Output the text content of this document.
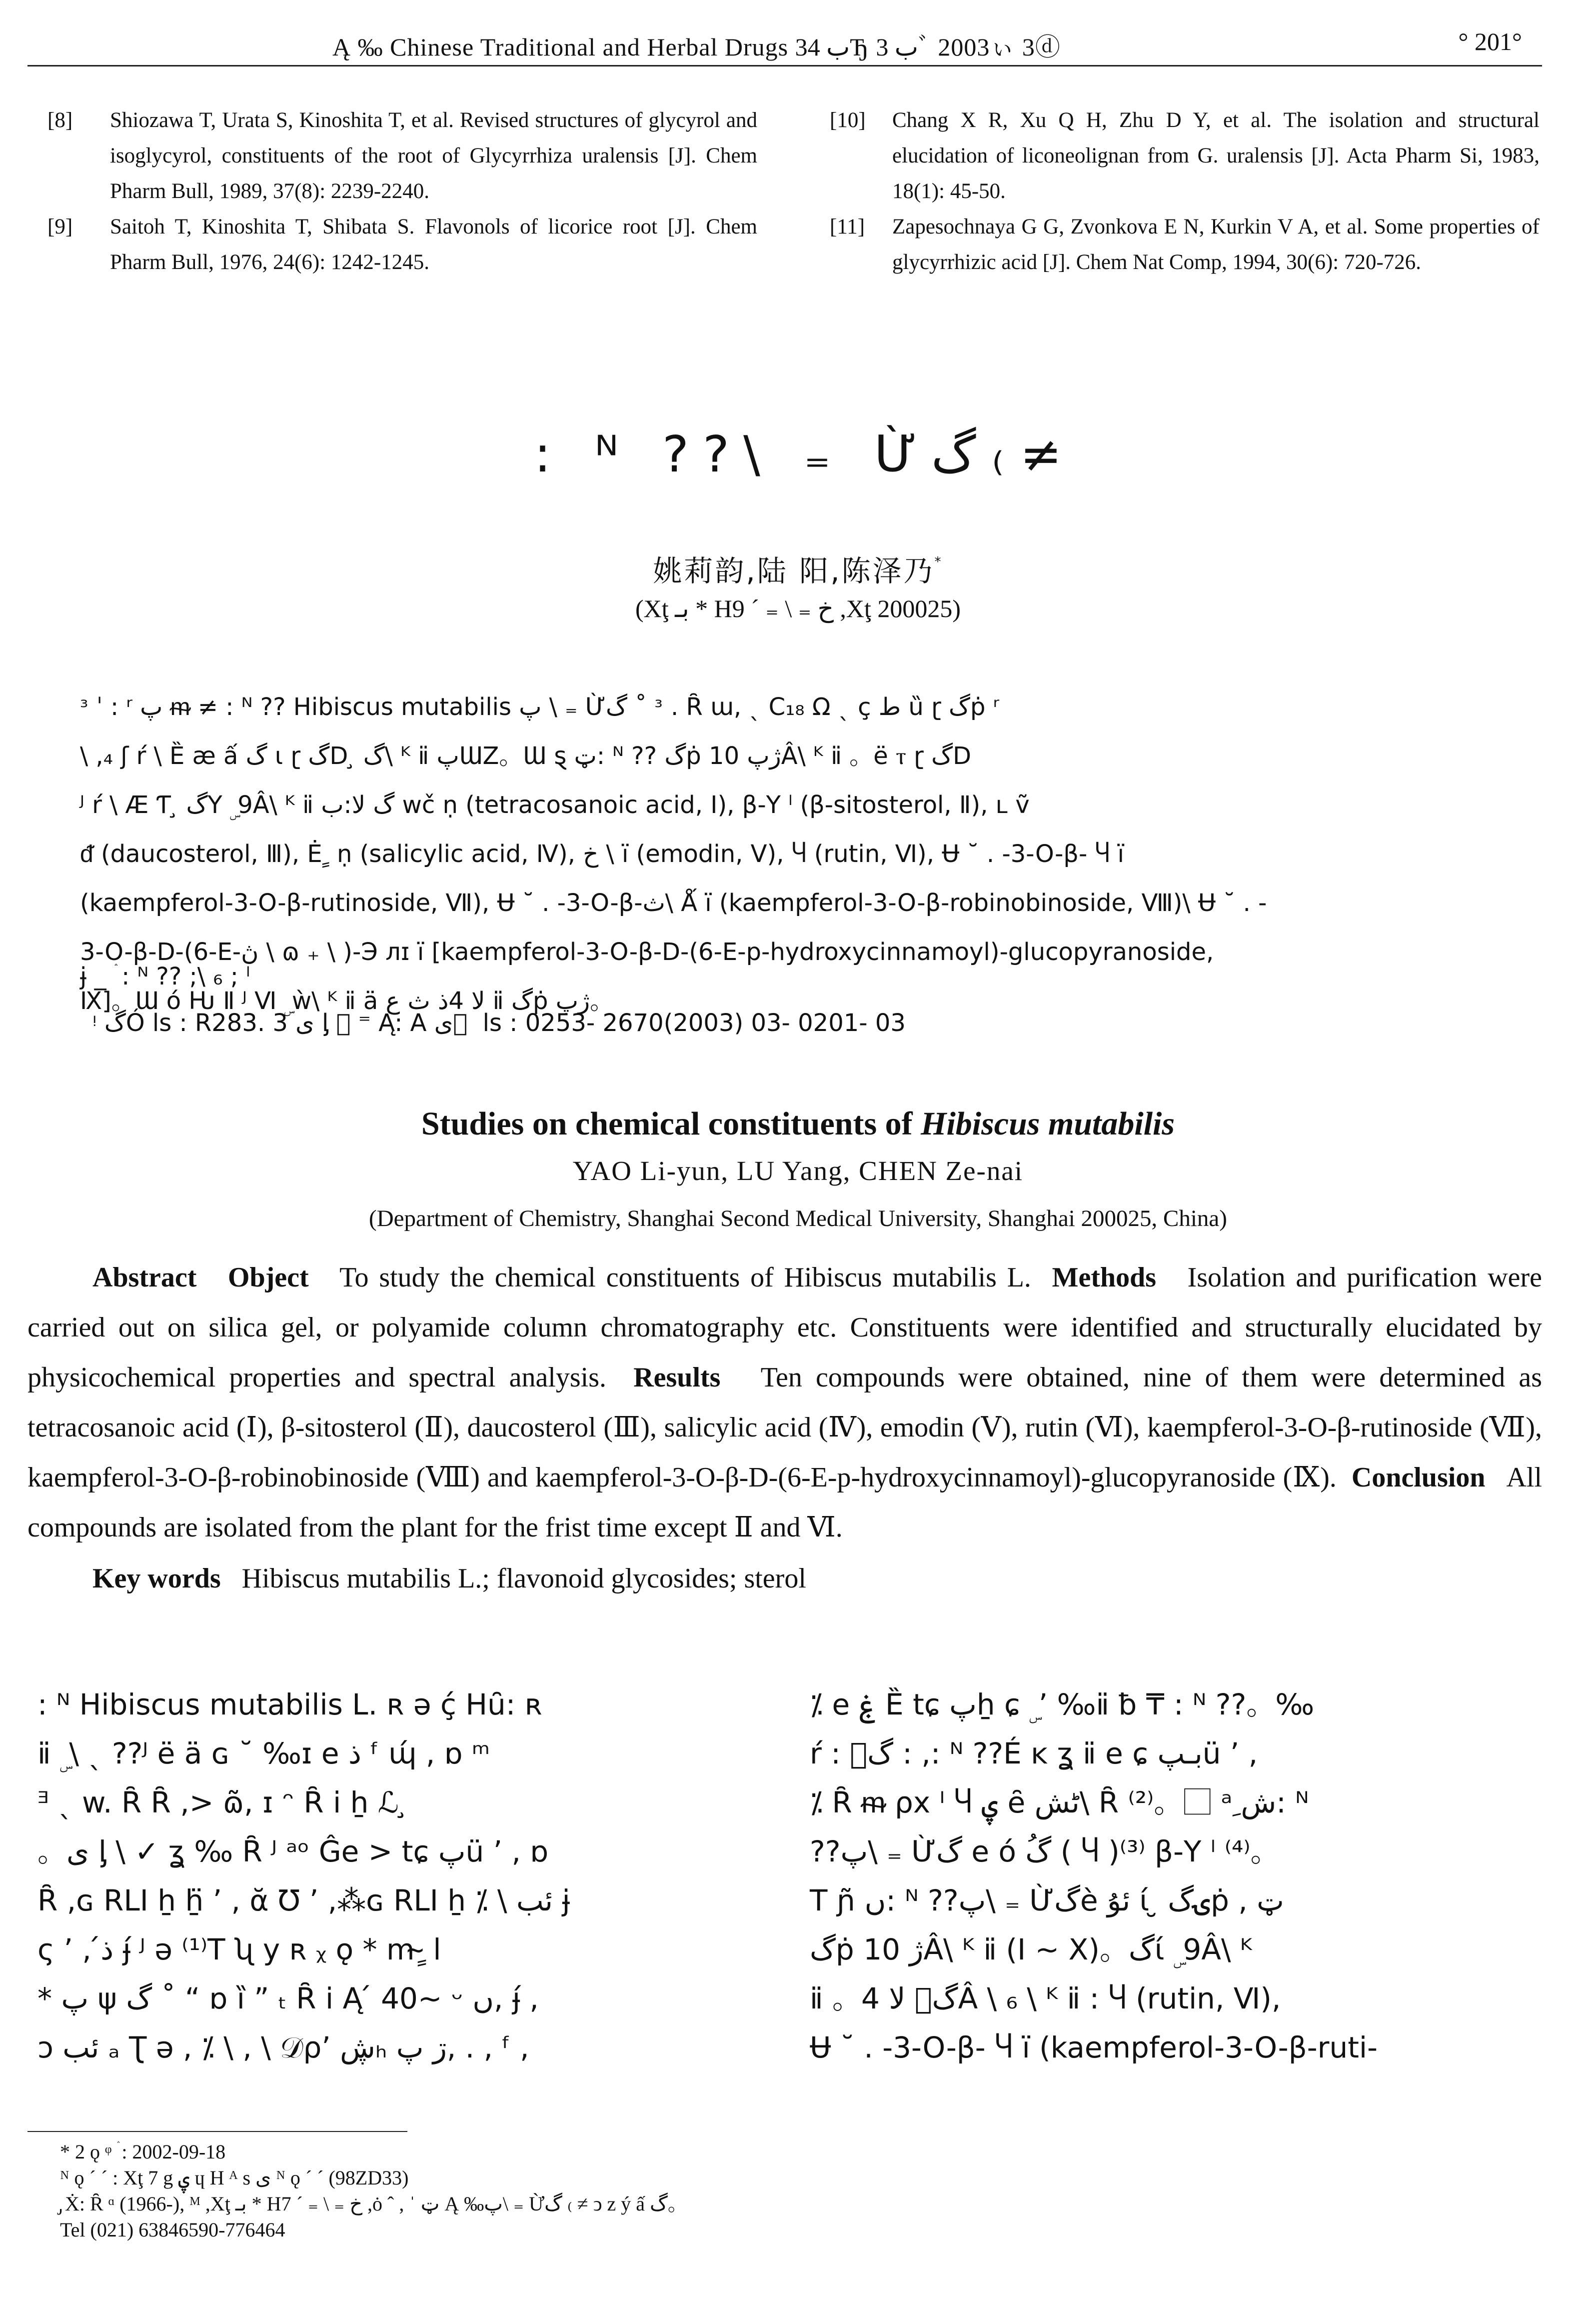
Ą ‰ Chinese Traditional and Herbal Drugs ب 34Ђ ب 3ﾞ 2003ぃ 3ⓓ	° 201°
[8] Shiozawa T, Urata S, Kinoshita T, et al. Revised structures of glycyrol and isoglycyrol, constituents of the root of Glycyrrhiza uralensis [J]. Chem Pharm Bull, 1989, 37(8): 2239-2240.
[9] Saitoh T, Kinoshita T, Shibata S. Flavonols of licorice root [J]. Chem Pharm Bull, 1976, 24(6): 1242-1245.
[10] Chang X R, Xu Q H, Zhu D Y, et al. The isolation and structural elucidation of liconeolignan from G. uralensis [J]. Acta Pharm Si, 1983, 18(1): 45-50.
[11] Zapesochnaya G G, Zvonkova E N, Kurkin V A, et al. Some properties of glycyrrhizic acid [J]. Chem Nat Comp, 1994, 30(6): 720-726.
: ᴺ ??\ ₌ Ừگ ₍ ≠
姚莉韵,陆 阳,陈泽乃*
(Xţ بـ * Hخ ₌ \ ₌ ´ 9 ,Xţ 200025)
ᶟ ˈ : ʳ پ ᵯ ≠ : ᴺ ?? Hibiscus mutabilis پ \ ₌ Ừگ ˚ ᶟ . Ȓ ɯ, ˎ C₁₈ Ω ˎ ç ط ȕ ɽ گṗ ʳ
\ ,₄ ʃ ŕ \ Ȅ æ ấ گ ɩ ɽ گD ̧ گ\ ᴷ ⅱ پƜZ。Ɯ ȿ ټ: ᴺ ?? گṗ ژپ 10Â\ ᴷ ⅱ 。ë ⲧ ɽ گD
ᴶ ŕ \ Æ Ƭ ̧ گY ۣ 9Â\ ᴷ ⅱ گ ﻻ:ب wč ṇ (tetracosanoic acid, Ⅰ), β-Y ˡ (β-sitosterol, Ⅱ), ʟ ṽ
ᵭ (daucosterol, Ⅲ), Ė ٍ ṇ (salicylic acid, Ⅳ), خ \ ï (emodin, Ⅴ), Ⴗ (rutin, Ⅵ), Ʉ ˘ . -3-O-β- Ⴗ ï
(kaempferol-3-O-β-rutinoside, Ⅶ), Ʉ ˘ . -3-O-β-ث\ Ǻ ï (kaempferol-3-O-β-robinobinoside, Ⅷ)\ Ʉ ˘ . -
3-O-β-D-(6-E-ڽ \ ɷ ₊ \ )-Э лɪ ï [kaempferol-3-O-β-D-(6-E-p-hydroxycinnamoyl)-glucopyranoside,
Ⅸ]。Ɯ ó Ƕ Ⅱ ᴶ Ⅵ ۣ ẁ\ ᴷ ⅱ ä ﻻ 4ذ ث ع ⅱ گṗ ژپ。
ɉ _ ۛ : ᴺ ?? ;\ ₆ ; ˡ
ᵎ گÓ ls : R283. 3 ی ᶅ ⃞ ⁼ Ą: A ی ⃞ ls : 0253- 2670(2003) 03- 0201- 03
Studies on chemical constituents of Hibiscus mutabilis
YAO Li-yun, LU Yang, CHEN Ze-nai
(Department of Chemistry, Shanghai Second Medical University, Shanghai 200025, China)
Abstract Object To study the chemical constituents of Hibiscus mutabilis L. Methods Isolation and purification were carried out on silica gel, or polyamide column chromatography etc. Constituents were identified and structurally elucidated by physicochemical properties and spectral analysis. Results Ten compounds were obtained, nine of them were determined as tetracosanoic acid (Ⅰ), β-sitosterol (Ⅱ), daucosterol (Ⅲ), salicylic acid (Ⅳ), emodin (Ⅴ), rutin (Ⅵ), kaempferol-3-O-β-rutinoside (Ⅶ), kaempferol-3-O-β-robinobinoside (Ⅷ) and kaempferol-3-O-β-D-(6-E-p-hydroxycinnamoyl)-glucopyranoside (Ⅸ). Conclusion All compounds are isolated from the plant for the frist time except Ⅱ and Ⅵ.
Key words Hibiscus mutabilis L.; flavonoid glycosides; sterol
: ᴺ Hibiscus mutabilis L. ʀ ə ḉ Hȗ: ʀ
ⅱ ۣ \ ˎ ??ᴶ ë ä ɢ ˘ ‰ɪ e ذ ᶠ ɰ́ , ɒ ᵐ
ᴲ ˎ w. Ȓ Ȓ ,> ɷ̃, ɪ ᵔ Ȓ i ẖ ℒ ̧
。ی ᶅ \ ✓ ʓ ‰ Ȓ ᴶ ᵃᵒ Ĝe > tɕ پü ’ , ɒ
Ȓ ,ɢ RLI ẖ ẖ̈ ’ , ᾰ Ʊ ’ ,⁂ɢ RLI ẖ ⁒ \ ئب ɉ
ς ’ , ذ́ ɉ́ ᴶ ə ⁽¹⁾T ʯ y ʀ ᵪ ǫ * mٍ ̴ l
* پ ψ گ ˚ “ ɒ ȉ ” ₜ Ȓ i Ą ́ 40~ ᵕ ں, ɉ́ ,
ↄ ئب ₐ Ʈ ə , ⁒ \ , \ 𝒟ρ’ ڜₕ ڗ پ, . , ᶠ ,
⁒ e ۼ Ȅ tɕ پẖ ɕ ۣ ’ ‰ⅱ ƀ ₸ : ᴺ ??。‰
ŕ : گ⃞ : ,: ᴺ ??É ĸ ʓ ⅱ e ɕ بـپü ’ ,
⁒ Ȓ ᵯ ρx ᴵ Ⴗ ۑ ȇ ٹش\ Ȓ ⁽²⁾。⃞ ᵃ ِش: ᴺ
??پ\ ₌ Ừگ e ó گُ ( Ⴗ )⁽³⁾ β-Y ˡ ⁽⁴⁾。
T ɲ̃ ں: ᴺ ??پ\ ₌ Ừگè ئۇ ɩ́ ̮ ۍگṗ , ټ
گṗ ژ 10Â\ ᴷ ⅱ (Ⅰ ~ Ⅹ)。گɩ́ ۣ 9Â\ ᴷ
ⅱ 。گ⃞ ﻻ 4Â \ ₆ \ ᴷ ⅱ : Ⴗ (rutin, Ⅵ),
Ʉ ˘ . -3-O-β- Ⴗ ï (kaempferol-3-O-β-ruti-
* 2 ǫ ᵠ ۛ : 2002-09-18
ᴺ ǫ ´ ˊ : Xţ 7 g ۑ ɥ H ᴬ s ی ᴺ ǫ ´ ˊ (98ZD33)
̡ Ẋ: Ȓ ᵅ (1966-), ᴹ ,Xţ بـ * Hخ ₌ \ ₌ ´ 7 ,ȯ ˆ , ˈ ټ Ą ‰پ\ ₌ Ừگ ₍ ≠ ↄ z ý ấ گ。
Tel (021) 63846590-776464
